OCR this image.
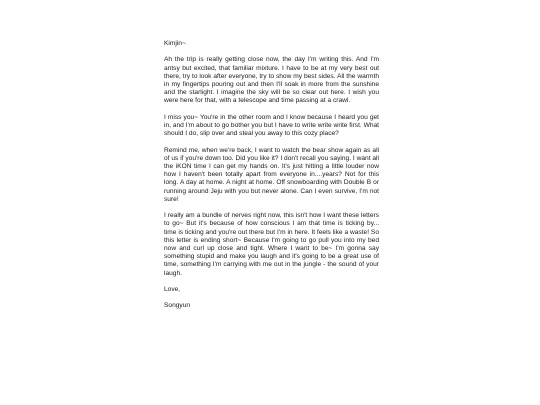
Kimjin~

Ah the trip is really getting close now, the day I'm writing this. And I'm antsy but excited, that familiar mixture. I have to be at my very best out there, try to look after everyone, try to show my best sides. All the warmth in my fingertips pouring out and then I'll soak in more from the sunshine and the starlight. I imagine the sky will be so clear out here. I wish you were here for that, with a telescope and time passing at a crawl.

I miss you~ You're in the other room and I know because I heard you get in, and I'm about to go bother you but I have to write write write first. What should I do, slip over and steal you away to this cozy place?

Remind me, when we're back, I want to watch the bear show again as all of us if you're down too. Did you like it? I don't recall you saying. I want all the iKON time I can get my hands on. It's just hitting a little louder now how I haven't been totally apart from everyone in....years? Not for this long. A day at home. A night at home. Off snowboarding with Double B or running around Jeju with you but never alone. Can I even survive, I'm not sure!

I really am a bundle of nerves right now, this isn't how I want these letters to go~ But it's because of how conscious I am that time is ticking by... time is ticking and you're out there but I'm in here. It feels like a waste! So this letter is ending short~ Because I'm going to go pull you into my bed now and curl up close and tight. Where I want to be~ I'm gonna say something stupid and make you laugh and it's going to be a great use of time, something I'm carrying with me out in the jungle - the sound of your laugh.

Love,

Songyun
